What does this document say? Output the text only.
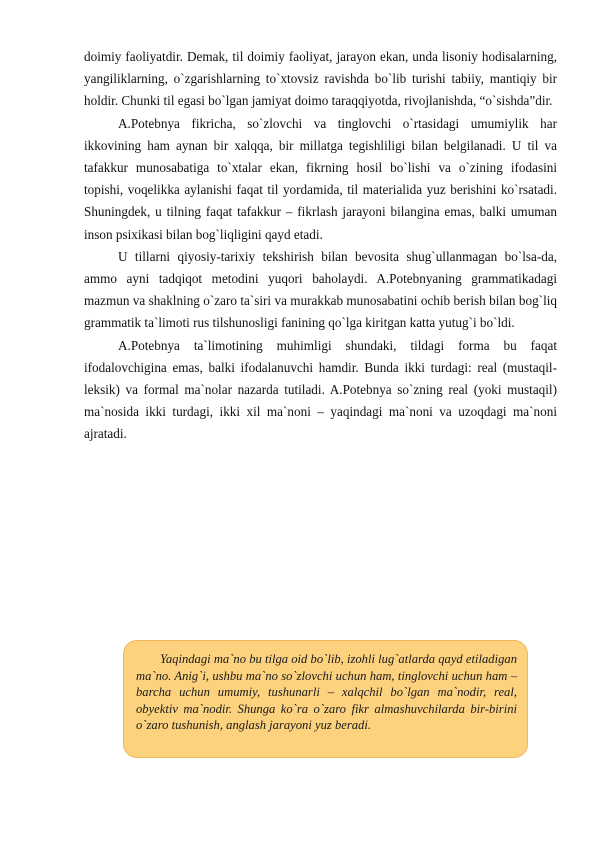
doimiy faoliyatdir. Demak, til doimiy faoliyat, jarayon ekan, unda lisoniy hodisalarning, yangiliklarning, o`zgarishlarning to`xtovsiz ravishda bo`lib turishi tabiiy, mantiqiy bir holdir. Chunki til egasi bo`lgan jamiyat doimo taraqqiyotda, rivojlanishda, “o`sishda”dir.

A.Potebnya fikricha, so`zlovchi va tinglovchi o`rtasidagi umumiylik har ikkovining ham aynan bir xalqqa, bir millatga tegishliligi bilan belgilanadi. U til va tafakkur munosabatiga to`xtalar ekan, fikrning hosil bo`lishi va o`zining ifodasini topishi, voqelikka aylanishi faqat til yordamida, til materialida yuz berishini ko`rsatadi. Shuningdek, u tilning faqat tafakkur – fikrlash jarayoni bilangina emas, balki umuman inson psixikasi bilan bog`liqligini qayd etadi.

U tillarni qiyosiy-tarixiy tekshirish bilan bevosita shug`ullanmagan bo`lsa-da, ammo ayni tadqiqot metodini yuqori baholaydi. A.Potebnyaning grammatikadagi mazmun va shaklning o`zaro ta`siri va murakkab munosabatini ochib berish bilan bog`liq grammatik ta`limoti rus tilshunosligi fanining qo`lga kiritgan katta yutug`i bo`ldi.

A.Potebnya ta`limotining muhimligi shundaki, tildagi forma bu faqat ifodalovchigina emas, balki ifodalanuvchi hamdir. Bunda ikki turdagi: real (mustaqil-leksik) va formal ma`nolar nazarda tutiladi. A.Potebnya so`zning real (yoki mustaqil) ma`nosida ikki turdagi, ikki xil ma`noni – yaqindagi ma`noni va uzoqdagi ma`noni ajratadi.

Yaqindagi ma`no bu tilga oid bo`lib, izohli lug`atlarda qayd etiladigan ma`no. Anig`i, ushbu ma`no so`zlovchi uchun ham, tinglovchi uchun ham – barcha uchun umumiy, tushunarli – xalqchil bo`lgan ma`nodir, real, obyektiv ma`nodir. Shunga ko`ra o`zaro fikr almashuvchilarda bir-birini o`zaro tushunish, anglash jarayoni yuz beradi.
